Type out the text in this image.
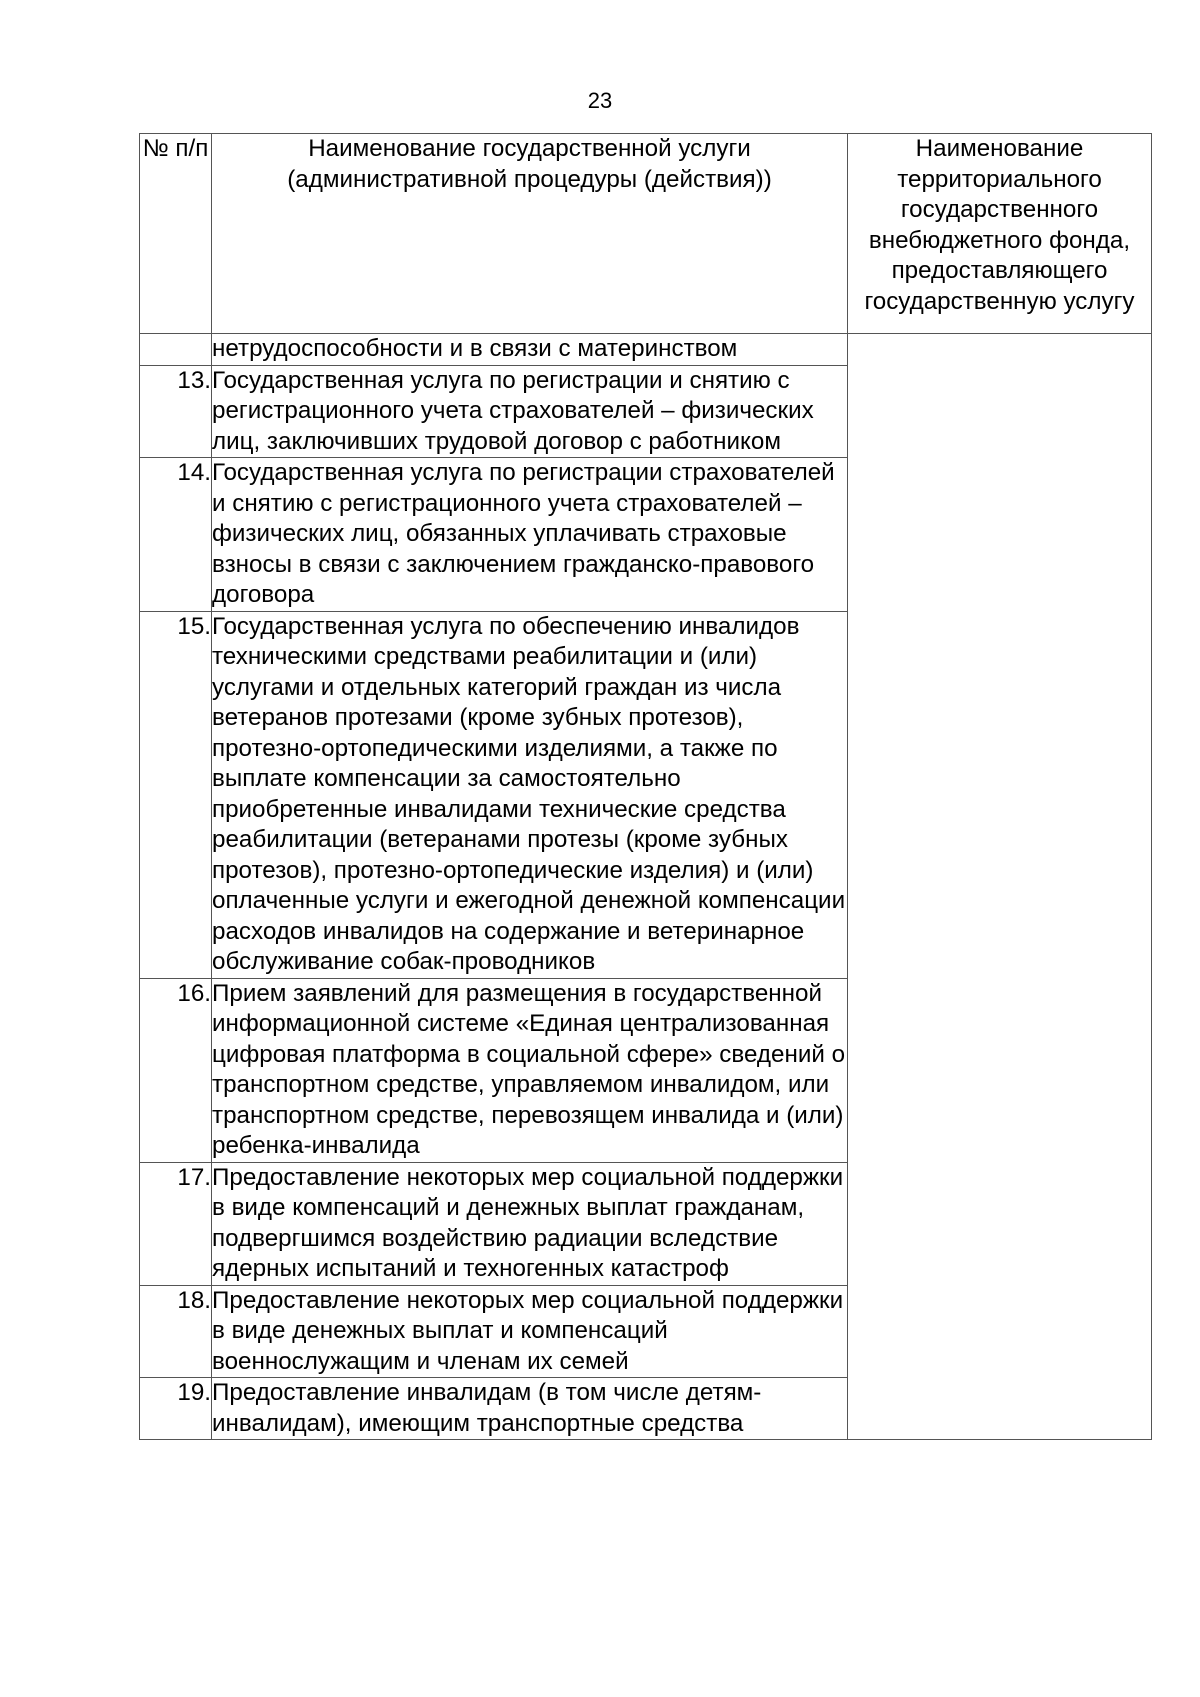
23
№ п/п	Наименование государственной услуги (административной процедуры (действия))	Наименование территориального государственного внебюджетного фонда, предоставляющего государственную услугу
	нетрудоспособности и в связи с материнством	
13.	Государственная услуга по регистрации и снятию с регистрационного учета страхователей – физических лиц, заключивших трудовой договор с работником	
14.	Государственная услуга по регистрации страхователей и снятию с регистрационного учета страхователей – физических лиц, обязанных уплачивать страховые взносы в связи с заключением гражданско-правового договора	
15.	Государственная услуга по обеспечению инвалидов техническими средствами реабилитации и (или) услугами и отдельных категорий граждан из числа ветеранов протезами (кроме зубных протезов), протезно-ортопедическими изделиями, а также по выплате компенсации за самостоятельно приобретенные инвалидами технические средства реабилитации (ветеранами протезы (кроме зубных протезов), протезно-ортопедические изделия) и (или) оплаченные услуги и ежегодной денежной компенсации расходов инвалидов на содержание и ветеринарное обслуживание собак-проводников	
16.	Прием заявлений для размещения в государственной информационной системе «Единая централизованная цифровая платформа в социальной сфере» сведений о транспортном средстве, управляемом инвалидом, или транспортном средстве, перевозящем инвалида и (или) ребенка-инвалида	
17.	Предоставление некоторых мер социальной поддержки в виде компенсаций и денежных выплат гражданам, подвергшимся воздействию радиации вследствие ядерных испытаний и техногенных катастроф	
18.	Предоставление некоторых мер социальной поддержки в виде денежных выплат и компенсаций военнослужащим и членам их семей	
19.	Предоставление инвалидам (в том числе детям-инвалидам), имеющим транспортные средства	
